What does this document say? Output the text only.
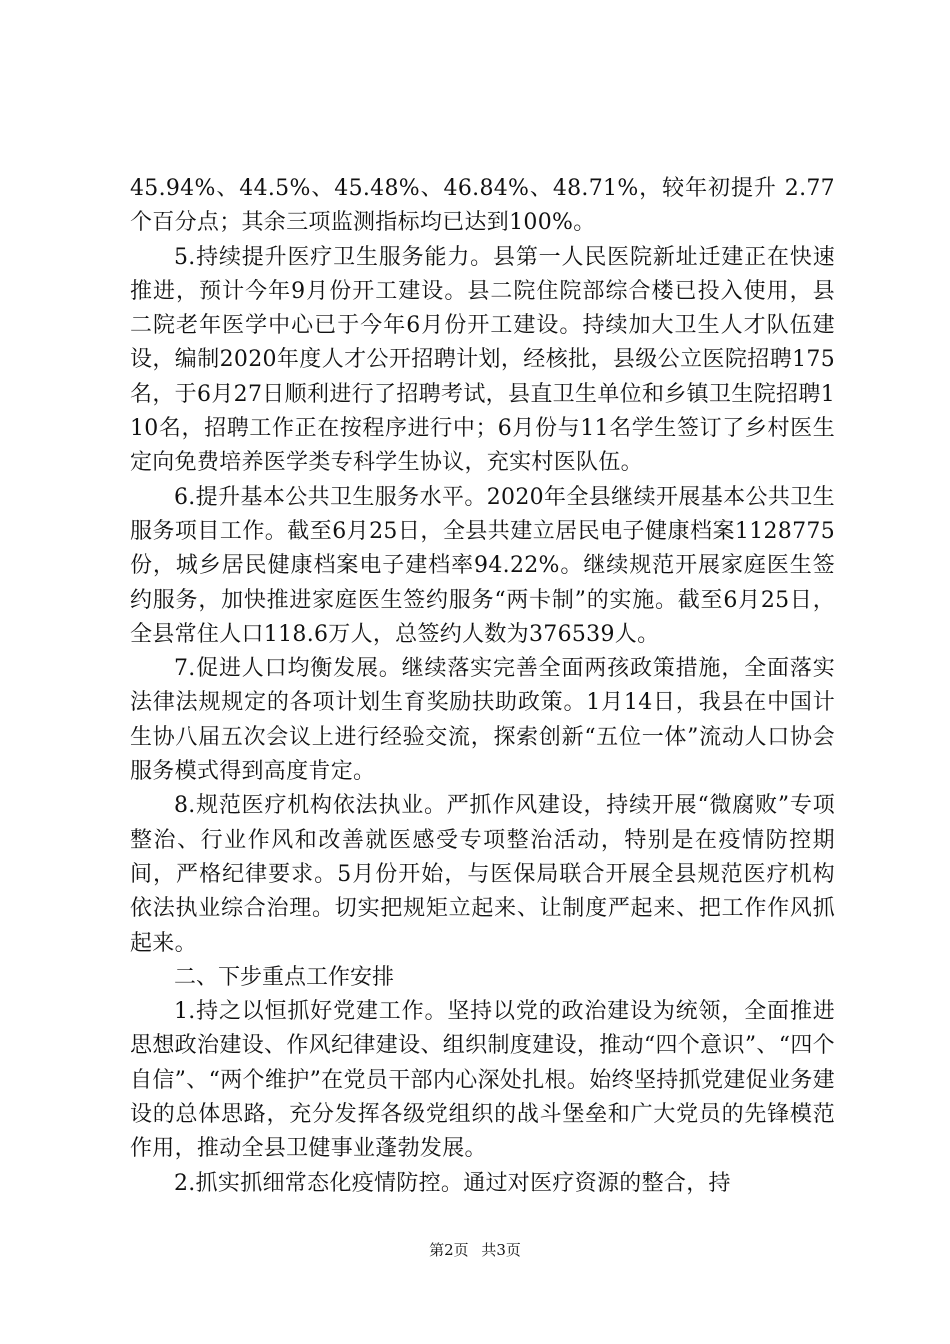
45.94%、44.5%、45.48%、46.84%、48.71%，较年初提升 2.77 个百分点；其余三项监测指标均已达到100%。

5.持续提升医疗卫生服务能力。县第一人民医院新址迁建正在快速推进，预计今年9月份开工建设。县二院住院部综合楼已投入使用，县二院老年医学中心已于今年6月份开工建设。持续加大卫生人才队伍建设，编制2020年度人才公开招聘计划，经核批，县级公立医院招聘175名，于6月27日顺利进行了招聘考试，县直卫生单位和乡镇卫生院招聘110名，招聘工作正在按程序进行中；6月份与11名学生签订了乡村医生定向免费培养医学类专科学生协议，充实村医队伍。

6.提升基本公共卫生服务水平。2020年全县继续开展基本公共卫生服务项目工作。截至6月25日，全县共建立居民电子健康档案1128775份，城乡居民健康档案电子建档率94.22%。继续规范开展家庭医生签约服务，加快推进家庭医生签约服务“两卡制”的实施。截至6月25日，全县常住人口118.6万人，总签约人数为376539人。

7.促进人口均衡发展。继续落实完善全面两孩政策措施，全面落实法律法规规定的各项计划生育奖励扶助政策。1月14日，我县在中国计生协八届五次会议上进行经验交流，探索创新“五位一体”流动人口协会服务模式得到高度肯定。

8.规范医疗机构依法执业。严抓作风建设，持续开展“微腐败”专项整治、行业作风和改善就医感受专项整治活动，特别是在疫情防控期间，严格纪律要求。5月份开始，与医保局联合开展全县规范医疗机构依法执业综合治理。切实把规矩立起来、让制度严起来、把工作作风抓起来。

二、下步重点工作安排

1.持之以恒抓好党建工作。坚持以党的政治建设为统领，全面推进思想政治建设、作风纪律建设、组织制度建设，推动“四个意识”、“四个自信”、“两个维护”在党员干部内心深处扎根。始终坚持抓党建促业务建设的总体思路，充分发挥各级党组织的战斗堡垒和广大党员的先锋模范作用，推动全县卫健事业蓬勃发展。

2.抓实抓细常态化疫情防控。通过对医疗资源的整合，持

第2页 共3页
